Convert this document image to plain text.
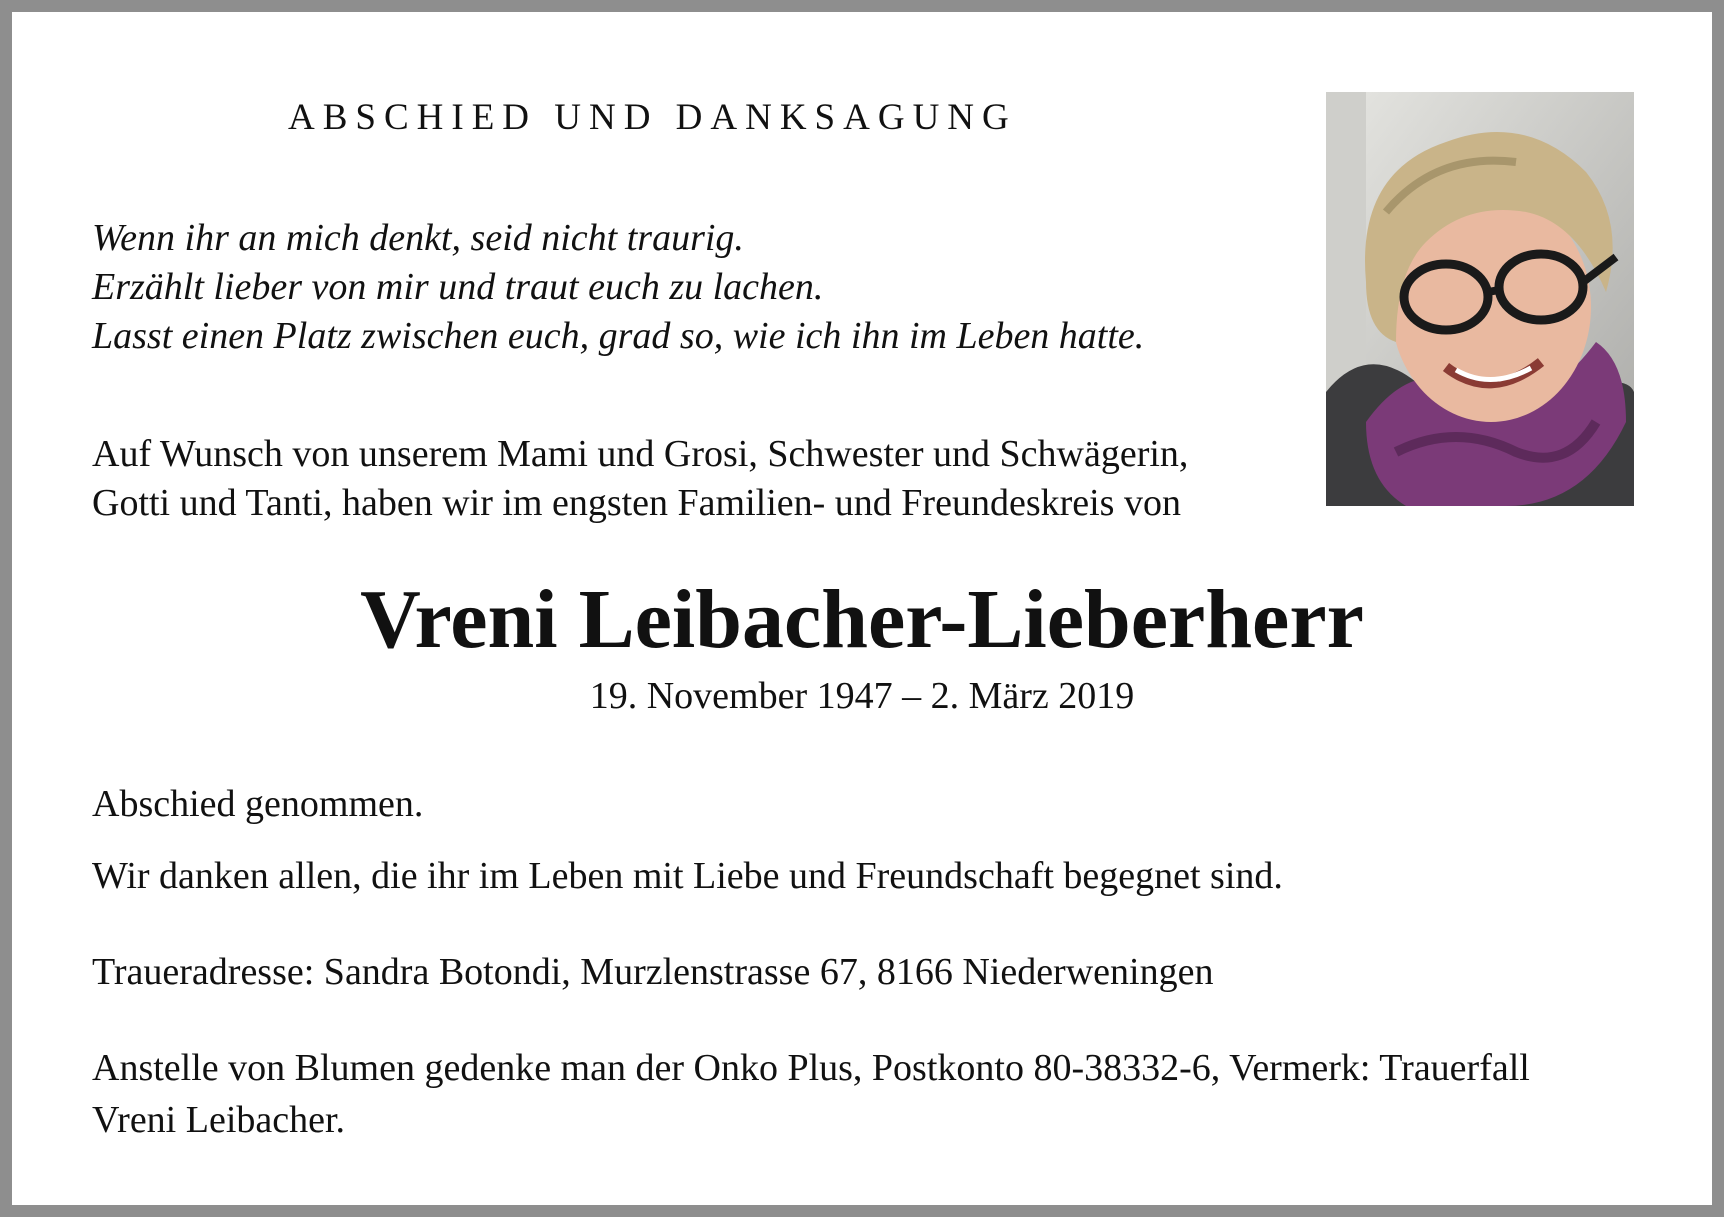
ABSCHIED UND DANKSAGUNG
Wenn ihr an mich denkt, seid nicht traurig.
Erzählt lieber von mir und traut euch zu lachen.
Lasst einen Platz zwischen euch, grad so, wie ich ihn im Leben hatte.
Auf Wunsch von unserem Mami und Grosi, Schwester und Schwägerin,
Gotti und Tanti, haben wir im engsten Familien- und Freundeskreis von
Vreni Leibacher-Lieberherr
19. November 1947 – 2. März 2019
Abschied genommen.
Wir danken allen, die ihr im Leben mit Liebe und Freundschaft begegnet sind.
Traueradresse: Sandra Botondi, Murzlenstrasse 67, 8166 Niederweningen
Anstelle von Blumen gedenke man der Onko Plus, Postkonto 80-38332-6, Vermerk: Trauerfall
Vreni Leibacher.
